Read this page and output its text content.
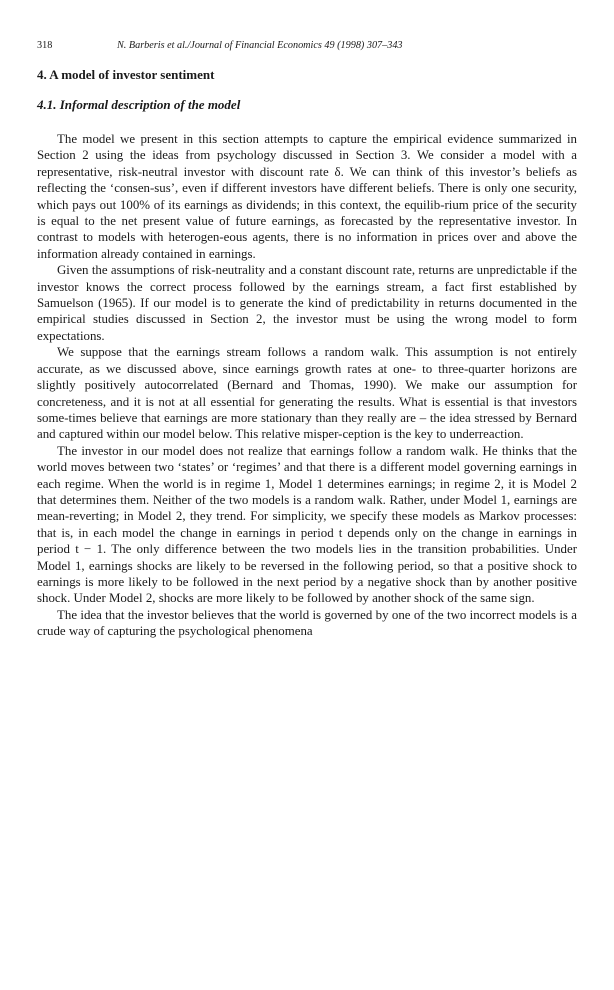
318	N. Barberis et al./Journal of Financial Economics 49 (1998) 307–343
4. A model of investor sentiment
4.1. Informal description of the model

The model we present in this section attempts to capture the empirical evidence summarized in Section 2 using the ideas from psychology discussed in Section 3. We consider a model with a representative, risk-neutral investor with discount rate δ. We can think of this investor’s beliefs as reflecting the ‘consen-sus’, even if different investors have different beliefs. There is only one security, which pays out 100% of its earnings as dividends; in this context, the equilib-rium price of the security is equal to the net present value of future earnings, as forecasted by the representative investor. In contrast to models with heterogen-eous agents, there is no information in prices over and above the information already contained in earnings.

Given the assumptions of risk-neutrality and a constant discount rate, returns are unpredictable if the investor knows the correct process followed by the earnings stream, a fact first established by Samuelson (1965). If our model is to generate the kind of predictability in returns documented in the empirical studies discussed in Section 2, the investor must be using the wrong model to form expectations.

We suppose that the earnings stream follows a random walk. This assumption is not entirely accurate, as we discussed above, since earnings growth rates at one- to three-quarter horizons are slightly positively autocorrelated (Bernard and Thomas, 1990). We make our assumption for concreteness, and it is not at all essential for generating the results. What is essential is that investors some-times believe that earnings are more stationary than they really are – the idea stressed by Bernard and captured within our model below. This relative misper-ception is the key to underreaction.

The investor in our model does not realize that earnings follow a random walk. He thinks that the world moves between two ‘states’ or ‘regimes’ and that there is a different model governing earnings in each regime. When the world is in regime 1, Model 1 determines earnings; in regime 2, it is Model 2 that determines them. Neither of the two models is a random walk. Rather, under Model 1, earnings are mean-reverting; in Model 2, they trend. For simplicity, we specify these models as Markov processes: that is, in each model the change in earnings in period t depends only on the change in earnings in period t − 1. The only difference between the two models lies in the transition probabilities. Under Model 1, earnings shocks are likely to be reversed in the following period, so that a positive shock to earnings is more likely to be followed in the next period by a negative shock than by another positive shock. Under Model 2, shocks are more likely to be followed by another shock of the same sign.

The idea that the investor believes that the world is governed by one of the two incorrect models is a crude way of capturing the psychological phenomena
